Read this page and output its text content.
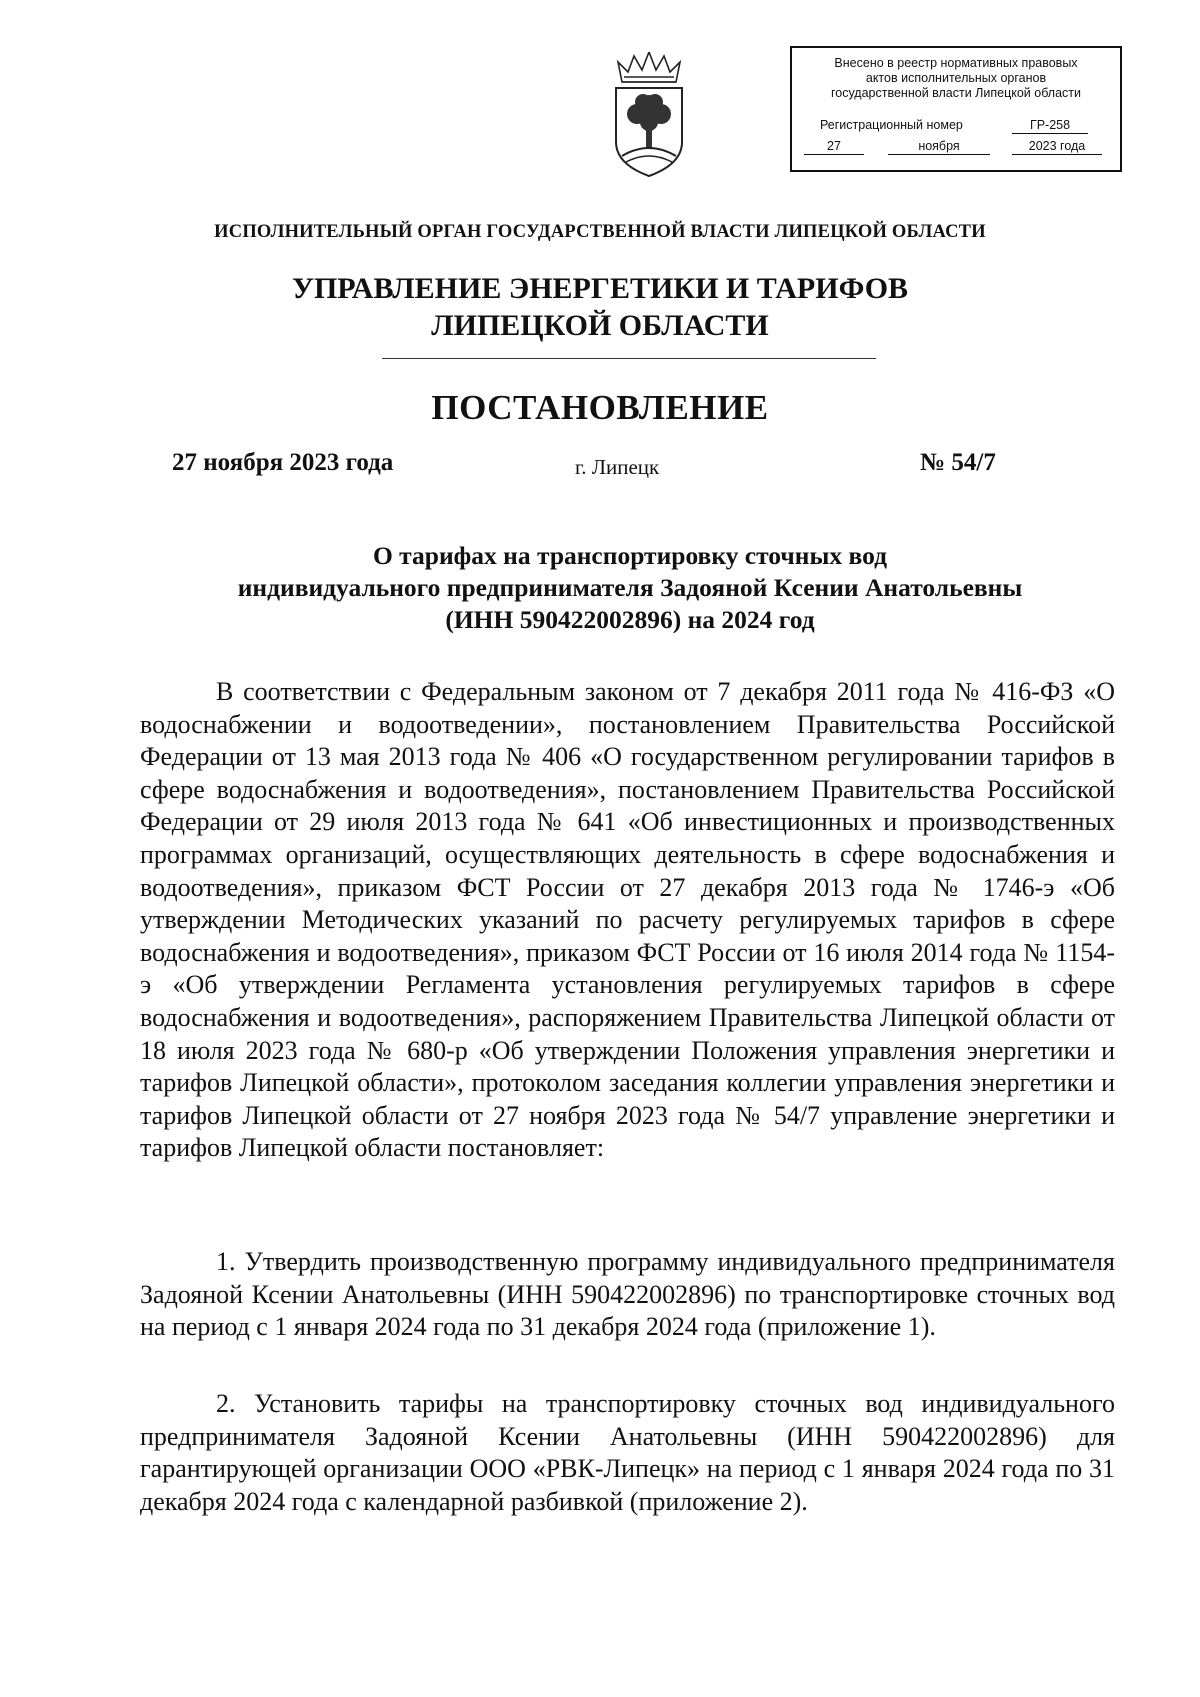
Внесено в реестр нормативных правовых
актов исполнительных органов
государственной власти Липецкой области
Регистрационный номер	ГР-258
27	ноября	2023 года
ИСПОЛНИТЕЛЬНЫЙ ОРГАН ГОСУДАРСТВЕННОЙ ВЛАСТИ ЛИПЕЦКОЙ ОБЛАСТИ
УПРАВЛЕНИЕ ЭНЕРГЕТИКИ И ТАРИФОВ
ЛИПЕЦКОЙ ОБЛАСТИ
ПОСТАНОВЛЕНИЕ
27 ноября 2023 года	г. Липецк	№ 54/7
О тарифах на транспортировку сточных вод
индивидуального предпринимателя Задояной Ксении Анатольевны
(ИНН 590422002896) на 2024 год
В соответствии с Федеральным законом от 7 декабря 2011 года № 416-ФЗ «О водоснабжении и водоотведении», постановлением Правительства Российской Федерации от 13 мая 2013 года № 406 «О государственном регулировании тарифов в сфере водоснабжения и водоотведения», постановлением Правительства Российской Федерации от 29 июля 2013 года № 641 «Об инвестиционных и производственных программах организаций, осуществляющих деятельность в сфере водоснабжения и водоотведения», приказом ФСТ России от 27 декабря 2013 года № 1746-э «Об утверждении Методических указаний по расчету регулируемых тарифов в сфере водоснабжения и водоотведения», приказом ФСТ России от 16 июля 2014 года № 1154-э «Об утверждении Регламента установления регулируемых тарифов в сфере водоснабжения и водоотведения», распоряжением Правительства Липецкой области от 18 июля 2023 года № 680-р «Об утверждении Положения управления энергетики и тарифов Липецкой области», протоколом заседания коллегии управления энергетики и тарифов Липецкой области от 27 ноября 2023 года № 54/7 управление энергетики и тарифов Липецкой области постановляет:
1. Утвердить производственную программу индивидуального предпринимателя Задояной Ксении Анатольевны (ИНН 590422002896) по транспортировке сточных вод на период с 1 января 2024 года по 31 декабря 2024 года (приложение 1).
2. Установить тарифы на транспортировку сточных вод индивидуального предпринимателя Задояной Ксении Анатольевны (ИНН 590422002896) для гарантирующей организации ООО «РВК-Липецк» на период с 1 января 2024 года по 31 декабря 2024 года с календарной разбивкой (приложение 2).
